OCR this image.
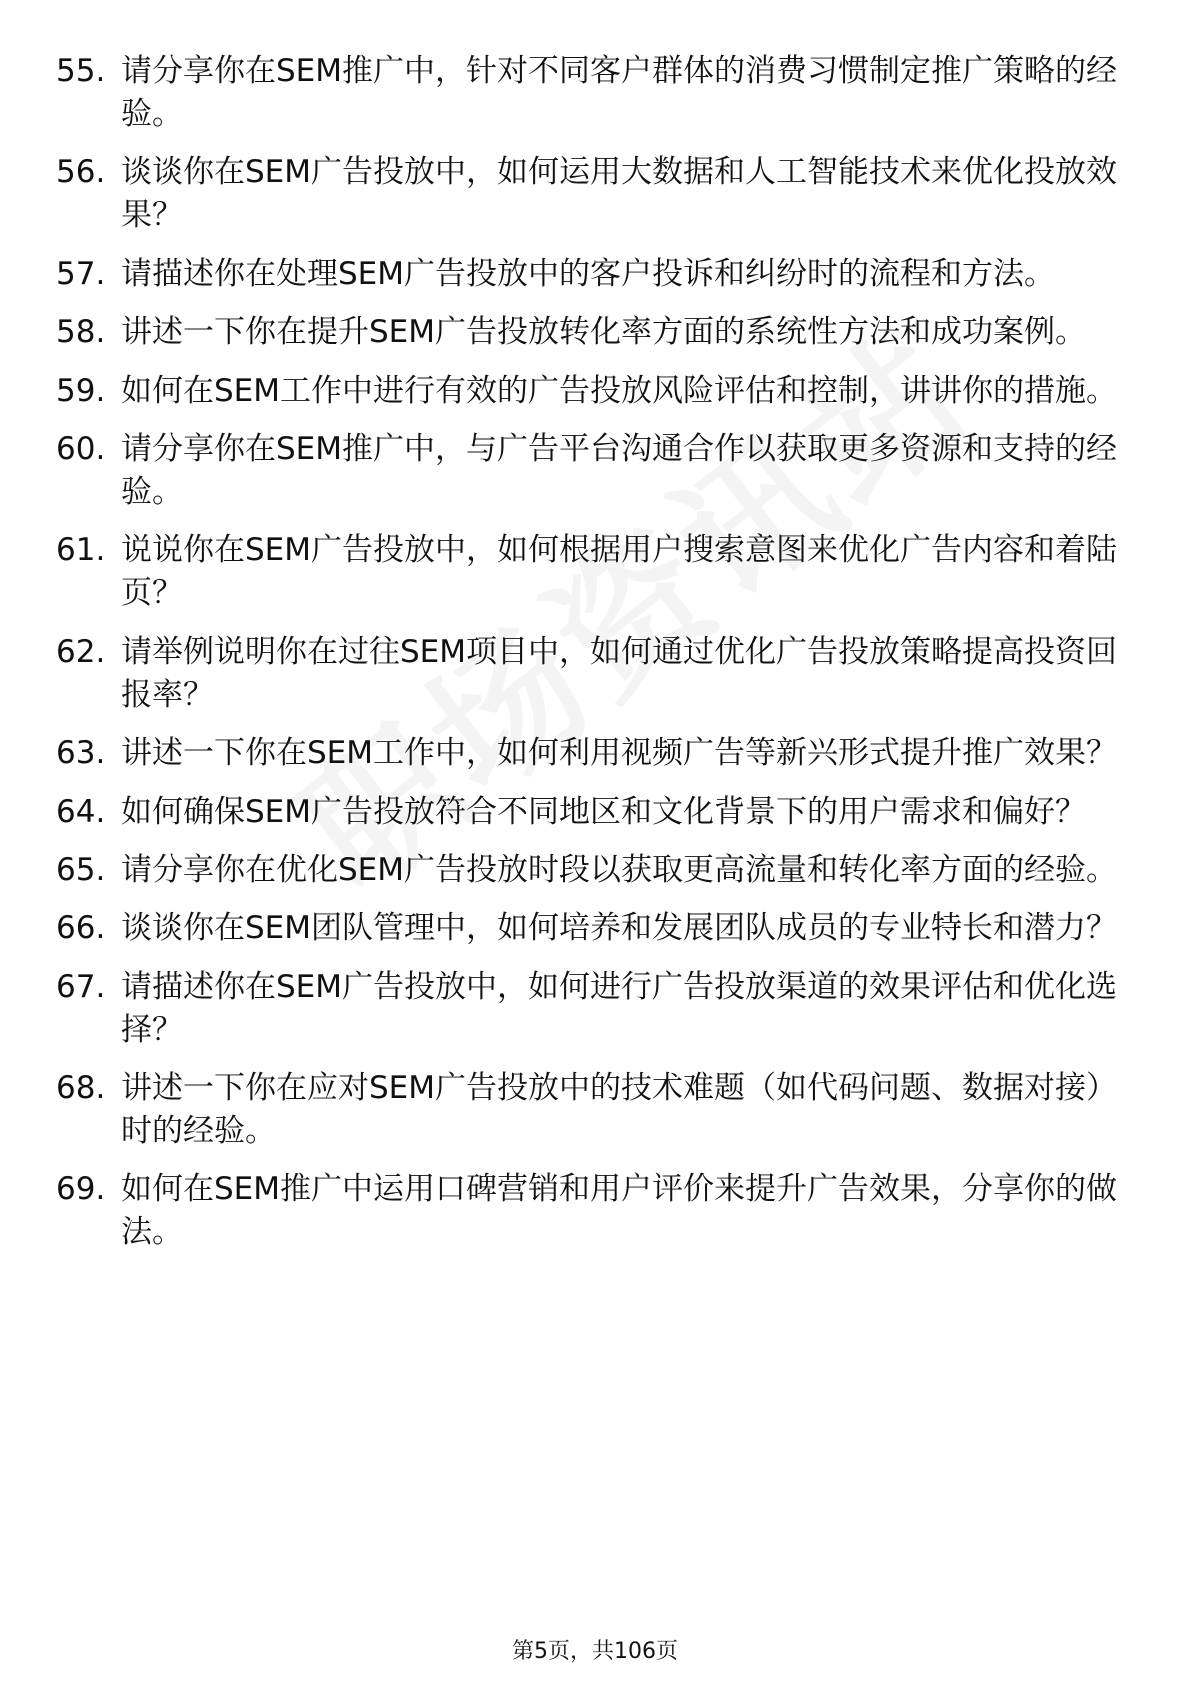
55. 请分享你在SEM推广中，针对不同客户群体的消费习惯制定推广策略的经验。
56. 谈谈你在SEM广告投放中，如何运用大数据和人工智能技术来优化投放效果？
57. 请描述你在处理SEM广告投放中的客户投诉和纠纷时的流程和方法。
58. 讲述一下你在提升SEM广告投放转化率方面的系统性方法和成功案例。
59. 如何在SEM工作中进行有效的广告投放风险评估和控制，讲讲你的措施。
60. 请分享你在SEM推广中，与广告平台沟通合作以获取更多资源和支持的经验。
61. 说说你在SEM广告投放中，如何根据用户搜索意图来优化广告内容和着陆页？
62. 请举例说明你在过往SEM项目中，如何通过优化广告投放策略提高投资回报率？
63. 讲述一下你在SEM工作中，如何利用视频广告等新兴形式提升推广效果？
64. 如何确保SEM广告投放符合不同地区和文化背景下的用户需求和偏好？
65. 请分享你在优化SEM广告投放时段以获取更高流量和转化率方面的经验。
66. 谈谈你在SEM团队管理中，如何培养和发展团队成员的专业特长和潜力？
67. 请描述你在SEM广告投放中，如何进行广告投放渠道的效果评估和优化选择？
68. 讲述一下你在应对SEM广告投放中的技术难题（如代码问题、数据对接）时的经验。
69. 如何在SEM推广中运用口碑营销和用户评价来提升广告效果，分享你的做法。
第5页，共106页
